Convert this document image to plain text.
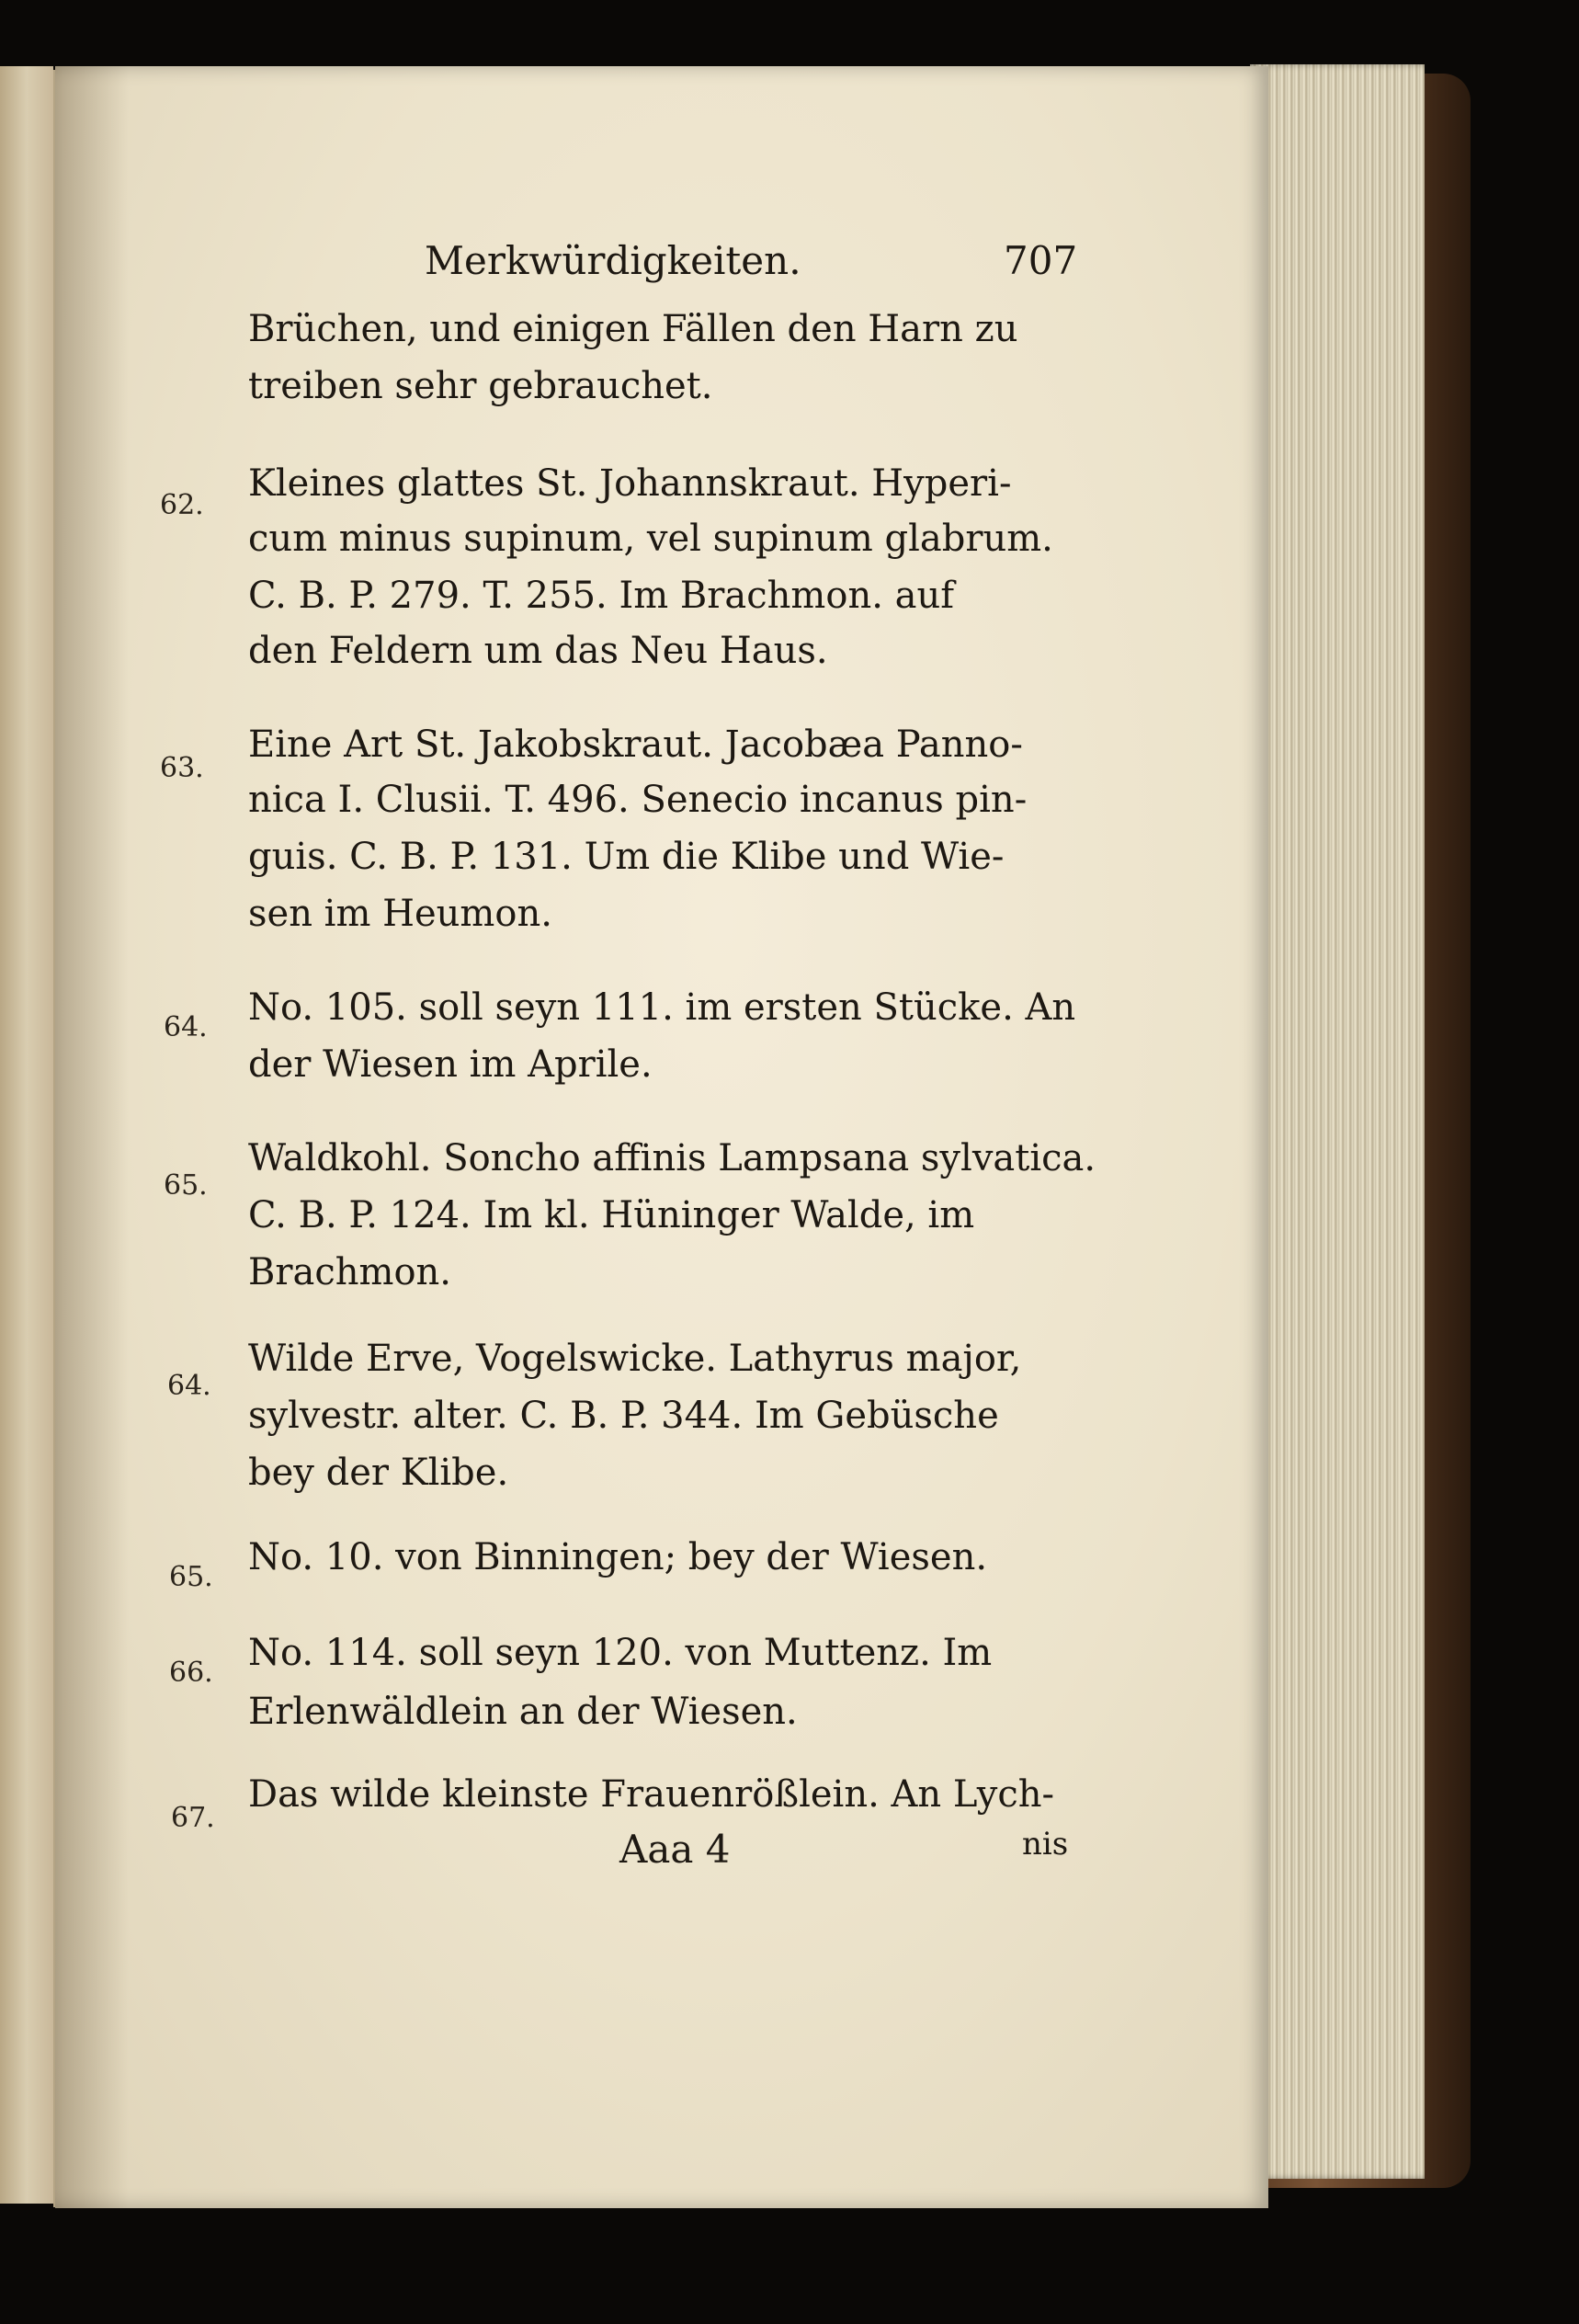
Merkwürdigkeiten.	707
Brüchen, und einigen Fällen den Harn zu
treiben sehr gebrauchet.
62.
Kleines glattes St. Johannskraut. Hyperi-
cum minus supinum, vel supinum glabrum.
C. B. P. 279. T. 255. Im Brachmon. auf
den Feldern um das Neu Haus.
63.
Eine Art St. Jakobskraut. Jacobæa Panno-
nica I. Clusii. T. 496. Senecio incanus pin-
guis. C. B. P. 131. Um die Klibe und Wie-
sen im Heumon.
64. No. 105. soll seyn 111. im ersten Stücke. An
der Wiesen im Aprile.
65.
Waldkohl. Soncho affinis Lampsana sylvatica.
C. B. P. 124. Im kl. Hüninger Walde, im
Brachmon.
64.
Wilde Erve, Vogelswicke. Lathyrus major,
sylvestr. alter. C. B. P. 344. Im Gebüsche
bey der Klibe.
65. No. 10. von Binningen; bey der Wiesen.
66. No. 114. soll seyn 120. von Muttenz. Im
Erlenwäldlein an der Wiesen.
67.
Das wilde kleinste Frauenrößlein. An Lych-
Aaa 4	nis
